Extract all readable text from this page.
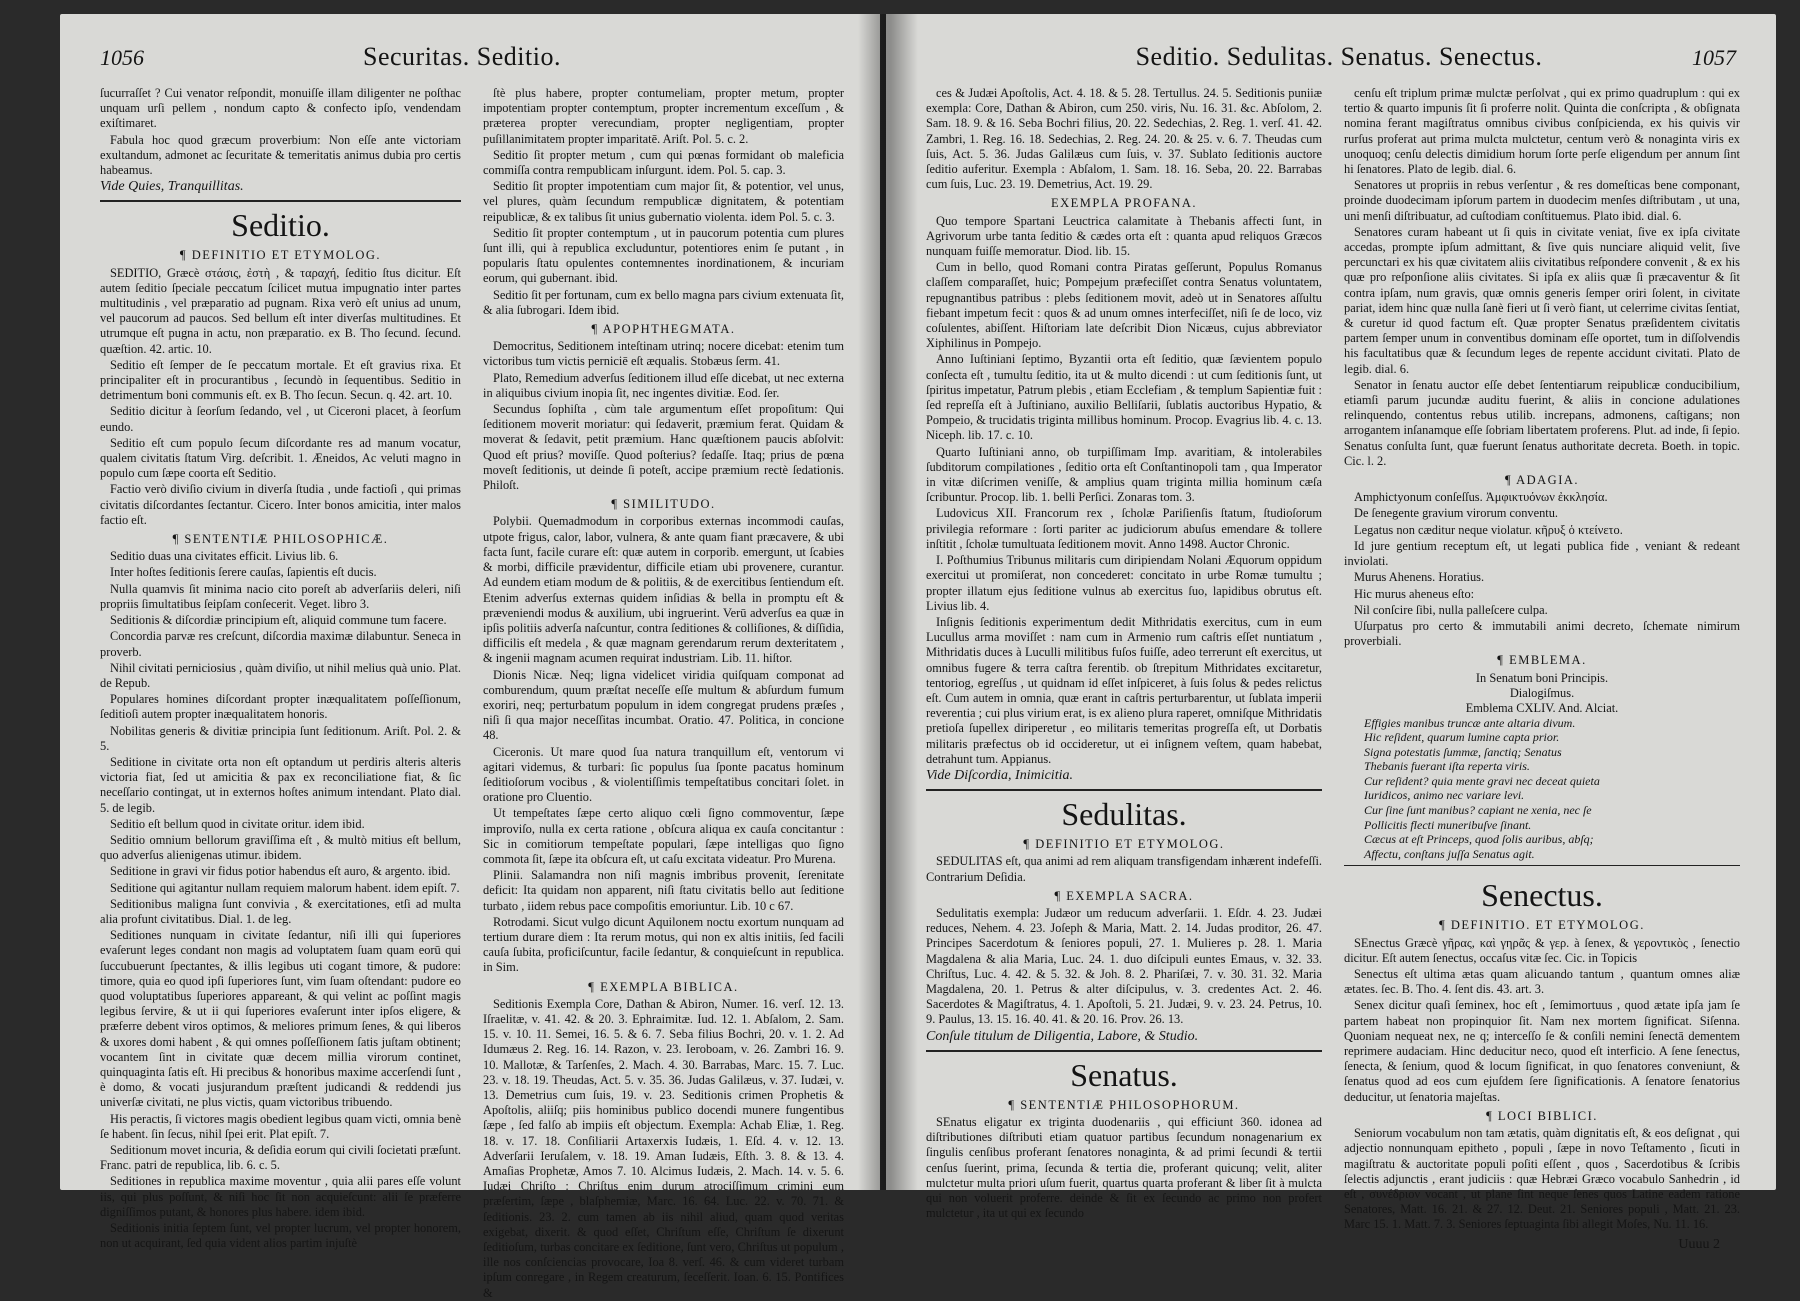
1056	Securitas. Seditio.

ſucurraſſet ? Cui venator reſpondit, monuiſſe illam diligenter ne poſthac unquam urſi pellem , nondum capto & confecto ipſo, vendendam exiſtimaret.

Fabula hoc quod græcum proverbium: Non eſſe ante victoriam exultandum, admonet ac ſecuritate & temeritatis animus dubia pro certis habeamus.

Vide Quies, Tranquillitas.

Seditio.
¶ DEFINITIO ET ETYMOLOG.

SEDITIO, Græcè στάσις, ἐστὴ , & ταραχή, ſeditio ſtus dicitur. Eſt autem ſeditio ſpeciale peccatum ſcilicet mutua impugnatio inter partes multitudinis , vel præparatio ad pugnam. Rixa verò eſt unius ad unum, vel paucorum ad paucos. Sed bellum eſt inter diverſas multitudines. Et utrumque eſt pugna in actu, non præparatio. ex B. Tho ſecund. ſecund. quæſtion. 42. artic. 10.

Seditio eſt ſemper de ſe peccatum mortale. Et eſt gravius rixa. Et principaliter eſt in procurantibus , ſecundò in ſequentibus. Seditio in detrimentum boni communis eſt. ex B. Tho ſecun. Secun. q. 42. art. 10.

Seditio dicitur à ſeorſum ſedando, vel , ut Ciceroni placet, à ſeorſum eundo.

Seditio eſt cum populo ſecum diſcordante res ad manum vocatur, qualem civitatis ſtatum Virg. deſcribit. 1. Æneidos, Ac veluti magno in populo cum ſæpe coorta eſt Seditio.

Factio verò diviſio civium in diverſa ſtudia , unde factioſi , qui primas civitatis diſcordantes ſectantur. Cicero. Inter bonos amicitia, inter malos factio eſt.

¶ SENTENTIÆ PHILOSOPHICÆ.

Seditio duas una civitates efficit. Livius lib. 6.

Inter hoſtes ſeditionis ſerere cauſas, ſapientis eſt ducis.

Nulla quamvis ſit minima nacio cito poreſt ab adverſariis deleri, niſi propriis ſimultatibus ſeipſam conſecerit. Veget. libro 3.

Seditionis & diſcordiæ principium eſt, aliquid commune tum facere.

Concordia parvæ res creſcunt, diſcordia maximæ dilabuntur. Seneca in proverb.

Nihil civitati perniciosius , quàm diviſio, ut nihil melius quà unio. Plat. de Repub.

Populares homines diſcordant propter inæqualitatem poſſeſſionum, ſeditioſi autem propter inæqualitatem honoris.

Nobilitas generis & divitiæ principia ſunt ſeditionum. Ariſt. Pol. 2. & 5.

Seditione in civitate orta non eſt optandum ut perdiris alteris alteris victoria fiat, ſed ut amicitia & pax ex reconciliatione fiat, & ſic neceſſario contingat, ut in externos hoſtes animum intendant. Plato dial. 5. de legib.

Seditio eſt bellum quod in civitate oritur. idem ibid.

Seditio omnium bellorum graviſſima eſt , & multò mitius eſt bellum, quo adverſus alienigenas utimur. ibidem.

Seditione in gravi vir fidus potior habendus eſt auro, & argento. ibid.

Seditione qui agitantur nullam requiem malorum habent. idem epiſt. 7.

Seditionibus maligna ſunt convivia , & exercitationes, etſi ad multa alia profunt civitatibus. Dial. 1. de leg.

Seditiones nunquam in civitate ſedantur, niſi illi qui ſuperiores evaſerunt leges condant non magis ad voluptatem ſuam quam eorū qui ſuccubuerunt ſpectantes, & illis legibus uti cogant timore, & pudore: timore, quia eo quod ipſi ſuperiores ſunt, vim ſuam oſtendant: pudore eo quod voluptatibus ſuperiores appareant, & qui velint ac poſſint magis legibus ſervire, & ut ii qui ſuperiores evaſerunt inter ipſos eligere, & præferre debent viros optimos, & meliores primum ſenes, & qui liberos & uxores domi habent , & qui omnes poſſeſſionem ſatis juſtam obtinent; vocantem ſint in civitate quæ decem millia virorum continet, quinquaginta ſatis eſt. Hi precibus & honoribus maxime accerſendi ſunt , è domo, & vocati jusjurandum præſtent judicandi & reddendi jus univerſæ civitati, ne plus victis, quam victoribus tribuendo.

His peractis, ſi victores magis obedient legibus quam victi, omnia benè ſe habent. ſin ſecus, nihil ſpei erit. Plat epiſt. 7.

Seditionum movet incuria, & deſidia eorum qui civili ſocietati præſunt. Franc. patri de republica, lib. 6. c. 5.

Seditiones in republica maxime moventur , quia alii pares eſſe volunt iis, qui plus poſſunt, & niſi hoc ſit non acquieſcunt: alii ſe præferre digniſſimos putant, & honores plus habere. idem ibid.

Seditionis initia ſeptem ſunt, vel propter lucrum, vel propter honorem, non ut acquirant, ſed quia vident alios partim injuſtè

ſtè plus habere, propter contumeliam, propter metum, propter impotentiam propter contemptum, propter incrementum exceſſum , & præterea propter verecundiam, propter negligentiam, propter puſillanimitatem propter imparitatē. Ariſt. Pol. 5. c. 2.

Seditio ſit propter metum , cum qui pœnas formidant ob maleficia commiſſa contra rempublicam inſurgunt. idem. Pol. 5. cap. 3.

Seditio ſit propter impotentiam cum major ſit, & potentior, vel unus, vel plures, quàm ſecundum rempublicæ dignitatem, & potentiam reipublicæ, & ex talibus ſit unius gubernatio violenta. idem Pol. 5. c. 3.

Seditio ſit propter contemptum , ut in paucorum potentia cum plures ſunt illi, qui à republica excluduntur, potentiores enim ſe putant , in popularis ſtatu opulentes contemnentes inordinationem, & incuriam eorum, qui gubernant. ibid.

Seditio ſit per fortunam, cum ex bello magna pars civium extenuata ſit, & alia ſubrogari. Idem ibid.

¶ APOPHTHEGMATA.

Democritus, Seditionem inteſtinam utrinq; nocere dicebat: etenim tum victoribus tum victis perniciē eſt æqualis. Stobæus ſerm. 41.

Plato, Remedium adverſus ſeditionem illud eſſe dicebat, ut nec externa in aliquibus civium inopia ſit, nec ingentes divitiæ. Eod. ſer.

Secundus ſophiſta , cùm tale argumentum eſſet propoſitum: Qui ſeditionem moverit moriatur: qui ſedaverit, præmium ferat. Quidam & moverat & ſedavit, petit præmium. Hanc quæſtionem paucis abſolvit: Quod eſt prius? moviſſe. Quod poſterius? ſedaſſe. Itaq; prius de pœna moveſt ſeditionis, ut deinde ſi poteſt, accipe præmium rectè ſedationis. Philoſt.

¶ SIMILITUDO.

Polybii. Quemadmodum in corporibus externas incommodi cauſas, utpote frigus, calor, labor, vulnera, & ante quam fiant præcavere, & ubi facta ſunt, facile curare eſt: quæ autem in corporib. emergunt, ut ſcabies & morbi, difficile prævidentur, difficile etiam ubi provenere, curantur. Ad eundem etiam modum de & politiis, & de exercitibus ſentiendum eſt. Etenim adverſus externas quidem inſidias & bella in promptu eſt & præveniendi modus & auxilium, ubi ingruerint. Verū adverſus ea quæ in ipſis politiis adverſa naſcuntur, contra ſeditiones & colliſiones, & diſſidia, difficilis eſt medela , & quæ magnam gerendarum rerum dexteritatem , & ingenii magnam acumen requirat industriam. Lib. 11. hiſtor.

Dionis Nicæ. Neq; ligna videlicet viridia quiſquam componat ad comburendum, quum præſtat neceſſe eſſe multum & abſurdum fumum exoriri, neq; perturbatum populum in idem congregat prudens præſes , niſi ſi qua major neceſſitas incumbat. Oratio. 47. Politica, in concione 48.

Ciceronis. Ut mare quod ſua natura tranquillum eſt, ventorum vi agitari videmus, & turbari: ſic populus ſua ſponte pacatus hominum ſeditioſorum vocibus , & violentiſſimis tempeſtatibus concitari ſolet. in oratione pro Cluentio.

Ut tempeſtates ſæpe certo aliquo cœli ſigno commoventur, ſæpe improviſo, nulla ex certa ratione , obſcura aliqua ex cauſa concitantur : Sic in comitiorum tempeſtate populari, ſæpe intelligas quo ſigno commota ſit, ſæpe ita obſcura eſt, ut caſu excitata videatur. Pro Murena.

Plinii. Salamandra non niſi magnis imbribus provenit, ſerenitate deficit: Ita quidam non apparent, niſi ſtatu civitatis bello aut ſeditione turbato , iidem rebus pace compoſitis emoriuntur. Lib. 10 c 67.

Rotrodami. Sicut vulgo dicunt Aquilonem noctu exortum nunquam ad tertium durare diem : Ita rerum motus, qui non ex altis initiis, ſed facili cauſa ſubita, proficiſcuntur, facile ſedantur, & conquieſcunt in republica. in Sim.

¶ EXEMPLA BIBLICA.

Seditionis Exempla Core, Dathan & Abiron, Numer. 16. verſ. 12. 13. Iſraelitæ, v. 41. 42. & 20. 3. Ephraimitæ. Iud. 12. 1. Abſalom, 2. Sam. 15. v. 10. 11. Semei, 16. 5. & 6. 7. Seba filius Bochri, 20. v. 1. 2. Ad Idumæus 2. Reg. 16. 14. Razon, v. 23. Ieroboam, v. 26. Zambri 16. 9. 10. Mallotæ, & Tarſenſes, 2. Mach. 4. 30. Barrabas, Marc. 15. 7. Luc. 23. v. 18. 19. Theudas, Act. 5. v. 35. 36. Judas Galilæus, v. 37. Iudæi, v. 13. Demetrius cum ſuis, 19. v. 23. Seditionis crimen Prophetis & Apoſtolis, aliiſq; piis hominibus publico docendi munere fungentibus ſæpe , ſed falſo ab impiis eſt objectum. Exempla: Achab Eliæ, 1. Reg. 18. v. 17. 18. Conſiliarii Artaxerxis Iudæis, 1. Eſd. 4. v. 12. 13. Adverſarii Ieruſalem, v. 18. 19. Aman Iudæis, Eſth. 3. 8. & 13. 4. Amaſias Prophetæ, Amos 7. 10. Alcimus Iudæis, 2. Mach. 14. v. 5. 6. Iudæi Chriſto : Chriſtus enim durum atrociſſimum crimini eum præſertim, ſæpe , blaſphemiæ, Marc. 16. 64. Luc. 22. v. 70. 71. & ſeditionis. 23. 2. cum tamen ab iis nihil aliud, quam quod veritas exigebat, dixerit. & quod eſſet, Chriſtum eſſe, Chriſtum ſe dixerunt ſeditioſum, turbas concitare ex ſeditione, ſunt vero, Chriſtus ut populum , ille nos conſciencias provocare, Ioa 8. verſ. 46. & cum videret turbam ipſum conregare , in Regem creaturum, ſeceſſerit. Ioan. 6. 15. Pontifices &

Seditio. Sedulitas. Senatus. Senectus.	1057

ces & Judæi Apoſtolis, Act. 4. 18. & 5. 28. Tertullus. 24. 5. Seditionis puniiæ exempla: Core, Dathan & Abiron, cum 250. viris, Nu. 16. 31. &c. Abſolom, 2. Sam. 18. 9. & 16. Seba Bochri filius, 20. 22. Sedechias, 2. Reg. 1. verſ. 41. 42. Zambri, 1. Reg. 16. 18. Sedechias, 2. Reg. 24. 20. & 25. v. 6. 7. Theudas cum ſuis, Act. 5. 36. Judas Galilæus cum ſuis, v. 37. Sublato ſeditionis auctore ſeditio auferitur. Exempla : Abſalom, 1. Sam. 18. 16. Seba, 20. 22. Barrabas cum ſuis, Luc. 23. 19. Demetrius, Act. 19. 29.

EXEMPLA PROFANA.

Quo tempore Spartani Leuctrica calamitate à Thebanis affecti ſunt, in Agrivorum urbe tanta ſeditio & cædes orta eſt : quanta apud reliquos Græcos nunquam fuiſſe memoratur. Diod. lib. 15.

Cum in bello, quod Romani contra Piratas geſſerunt, Populus Romanus claſſem comparaſſet, huic; Pompejum præfeciſſet contra Senatus voluntatem, repugnantibus patribus : plebs ſeditionem movit, adeò ut in Senatores aſſultu fiebant impetum fecit : quos & ad unum omnes interfeciſſet, niſi ſe de loco, viz coſulentes, abiſſent. Hiſtoriam late deſcribit Dion Nicæus, cujus abbreviator Xiphilinus in Pompejo.

Anno Iuſtiniani ſeptimo, Byzantii orta eſt ſeditio, quæ ſævientem populo conſecta eſt , tumultu ſeditio, ita ut & multo dicendi : ut cum ſeditionis ſunt, ut ſpiritus impetatur, Patrum plebis , etiam Ecclefiam , & templum Sapientiæ fuit : ſed repreſſa eſt à Juſtiniano, auxilio Belliſarii, ſublatis auctoribus Hypatio, & Pompeio, & trucidatis triginta millibus hominum. Procop. Evagrius lib. 4. c. 13. Niceph. lib. 17. c. 10.

Quarto Iuſtiniani anno, ob turpiſſimam Imp. avaritiam, & intolerabiles ſubditorum compilationes , ſeditio orta eſt Conſtantinopoli tam , qua Imperator in vitæ diſcrimen veniſſe, & amplius quam triginta millia hominum cæſa ſcribuntur. Procop. lib. 1. belli Perſici. Zonaras tom. 3.

Ludovicus XII. Francorum rex , ſcholæ Pariſienſis ſtatum, ſtudioſorum privilegia reformare : ſorti pariter ac judiciorum abuſus emendare & tollere inſtitit , ſcholæ tumultuata ſeditionem movit. Anno 1498. Auctor Chronic.

I. Poſthumius Tribunus militaris cum diripiendam Nolani Æquorum oppidum exercitui ut promiſerat, non concederet: concitato in urbe Romæ tumultu ; propter illatum ejus ſeditione vulnus ab exercitus ſuo, lapidibus obrutus eſt. Livius lib. 4.

Inſignis ſeditionis experimentum dedit Mithridatis exercitus, cum in eum Lucullus arma moviſſet : nam cum in Armenio rum caſtris eſſet nuntiatum , Mithridatis duces à Luculli militibus fuſos fuiſſe, adeo terrerunt eſt exercitus, ut omnibus fugere & terra caſtra ferentib. ob ſtrepitum Mithridates excitaretur, tentoriog, egreſſus , ut quidnam id eſſet inſpiceret, à ſuis ſolus & pedes relictus eſt. Cum autem in omnia, quæ erant in caſtris perturbarentur, ut ſublata imperii reverentia ; cui plus virium erat, is ex alieno plura raperet, omniſque Mithridatis pretioſa ſupellex diriperetur , eo militaris temeritas progreſſa eſt, ut Dorbatis militaris præfectus ob id occideretur, ut ei inſignem veſtem, quam habebat, detrahunt tum. Appianus.

Vide Diſcordia, Inimicitia.

Sedulitas.
¶ DEFINITIO ET ETYMOLOG.

SEDULITAS eſt, qua animi ad rem aliquam transfigendam inhærent indefeſſi. Contrarium Deſidia.

¶ EXEMPLA SACRA.

Sedulitatis exempla: Judæor um reducum adverſarii. 1. Eſdr. 4. 23. Judæi reduces, Nehem. 4. 23. Joſeph & Maria, Matt. 2. 14. Judas proditor, 26. 47. Principes Sacerdotum & ſeniores populi, 27. 1. Mulieres p. 28. 1. Maria Magdalena & alia Maria, Luc. 24. 1. duo diſcipuli euntes Emaus, v. 32. 33. Chriſtus, Luc. 4. 42. & 5. 32. & Joh. 8. 2. Phariſæi, 7. v. 30. 31. 32. Maria Magdalena, 20. 1. Petrus & alter diſcipulus, v. 3. credentes Act. 2. 46. Sacerdotes & Magiſtratus, 4. 1. Apoſtoli, 5. 21. Judæi, 9. v. 23. 24. Petrus, 10. 9. Paulus, 13. 15. 16. 40. 41. & 20. 16. Prov. 26. 13.

Conſule titulum de Diligentia, Labore, & Studio.

Senatus.
¶ SENTENTIÆ PHILOSOPHORUM.

SEnatus eligatur ex triginta duodenariis , qui efficiunt 360. idonea ad diſtributiones diſtributi etiam quatuor partibus ſecundum nonagenarium ex ſingulis cenſibus proferant ſenatores nonaginta, & ad primi ſecundi & tertii cenſus ſuerint, prima, ſecunda & tertia die, proferant quicunq; velit, aliter mulctetur multa priori uſum fuerit, quartus quarta proferant & liber ſit à mulcta qui non voluerit proferre. deinde & ſit ex ſecundo ac primo non profert mulctetur , ita ut qui ex ſecundo

cenſu eſt triplum primæ mulctæ perſolvat , qui ex primo quadruplum : qui ex tertio & quarto impunis ſit ſi proferre nolit. Quinta die conſcripta , & obſignata nomina ferant magiſtratus omnibus civibus conſpicienda, ex his quivis vir rurſus proferat aut prima mulcta mulctetur, centum verò & nonaginta viris ex unoquoq; cenſu delectis dimidium horum ſorte perſe eligendum per annum ſint hi ſenatores. Plato de legib. dial. 6.

Senatores ut propriis in rebus verſentur , & res domeſticas bene componant, proinde duodecimam ipſorum partem in duodecim menſes diſtributam , ut una, uni menſi diſtribuatur, ad cuſtodiam conſtituemus. Plato ibid. dial. 6.

Senatores curam habeant ut ſi quis in civitate veniat, ſive ex ipſa civitate accedas, prompte ipſum admittant, & ſive quis nunciare aliquid velit, ſive percunctari ex his quæ civitatem aliis civitatibus reſpondere convenit , & ex his quæ pro reſponſione aliis civitates. Si ipſa ex aliis quæ ſi præcaventur & ſit contra ipſam, num gravis, quæ omnis generis ſemper oriri ſolent, in civitate pariat, idem hinc quæ nulla ſanè fieri ut ſi verò fiant, ut celerrime civitas ſentiat, & curetur id quod factum eſt. Quæ propter Senatus præſidentem civitatis partem ſemper unum in conventibus dominam eſſe oportet, tum in diſſolvendis his facultatibus quæ & ſecundum leges de repente accidunt civitati. Plato de legib. dial. 6.

Senator in ſenatu auctor eſſe debet ſententiarum reipublicæ conducibilium, etiamſi parum jucundæ auditu fuerint, & aliis in concione adulationes relinquendo, contentus rebus utilib. increpans, admonens, caſtigans; non arrogantem inſanamque eſſe ſobriam libertatem proferens. Plut. ad inde, ſi ſepio. Senatus conſulta ſunt, quæ fuerunt ſenatus authoritate decreta. Boeth. in topic. Cic. l. 2.

¶ ADAGIA.

Amphictyonum conſeſſus. Ἀμφικτυόνων ἐκκλησία.

De ſenegente gravium virorum conventu.

Legatus non cæditur neque violatur. κῆρυξ ὁ κτείνετο.

Id jure gentium receptum eſt, ut legati publica fide , veniant & redeant inviolati.

Murus Ahenens. Horatius.

Hic murus aheneus eſto:

Nil conſcire ſibi, nulla palleſcere culpa.

Uſurpatus pro certo & immutabili animi decreto, ſchemate nimirum proverbiali.

¶ EMBLEMA.
In Senatum boni Principis.
Dialogiſmus.
Emblema CXLIV. And. Alciat.
Effigies manibus truncæ ante altaria divum.
Hic reſident, quarum lumine capta prior.
Signa potestatis ſummæ, ſanctiq; Senatus
Thebanis fuerant iſta reperta viris.
Cur reſident? quia mente gravi nec deceat quieta
Iuridicos, animo nec variare levi.
Cur ſine ſunt manibus? capiant ne xenia, nec ſe
Pollicitis flecti muneribuſve ſinant.
Cæcus at eſt Princeps, quod ſolis auribus, abſq;
Affectu, conſtans juſſa Senatus agit.
Senectus.
¶ DEFINITIO. ET ETYMOLOG.

SEnectus Græcè γῆρας, καὶ γηρᾶς & γερ. à ſenex, & γεροντικὸς , ſenectio dicitur. Eſt autem ſenectus, occaſus vitæ ſec. Cic. in Topicis

Senectus eſt ultima ætas quam alicuando tantum , quantum omnes aliæ ætates. ſec. B. Tho. 4. ſent dis. 43. art. 3.

Senex dicitur quaſi ſeminex, hoc eſt , ſemimortuus , quod ætate ipſa jam ſe partem habeat non propinquior ſit. Nam nex mortem ſignificat. Siſenna. Quoniam nequeat nex, ne q; interceſſo ſe & conſili nemini ſenectā dementem reprimere audaciam. Hinc deducitur neco, quod eſt interficio. A ſene ſenectus, ſenecta, & ſenium, quod & locum ſignificat, in quo ſenatores conveniunt, & ſenatus quod ad eos cum ejuſdem ſere ſignificationis. A ſenatore ſenatorius deducitur, ut ſenatoria majeſtas.

¶ LOCI BIBLICI.

Seniorum vocabulum non tam ætatis, quàm dignitatis eſt, & eos deſignat , qui adjectio nonnunquam epitheto , populi , ſæpe in novo Teſtamento , ſicuti in magiſtratu & auctoritate populi poſiti eſſent , quos , Sacerdotibus & ſcribis ſelectis adjunctis , erant judiciis : quæ Hebræi Græco vocabulo Sanhedrin , id eſt , συνέδριον vocant , ut plane ſint neque ſenes quos Latine eadem ratione Senatores, Matt. 16. 21. & 27. 12. Deut. 21. Seniores populi , Matt. 21. 23. Marc 15. 1. Matt. 7. 3. Seniores ſeptuaginta ſibi allegit Moſes, Nu. 11. 16.

Uuuu 2
